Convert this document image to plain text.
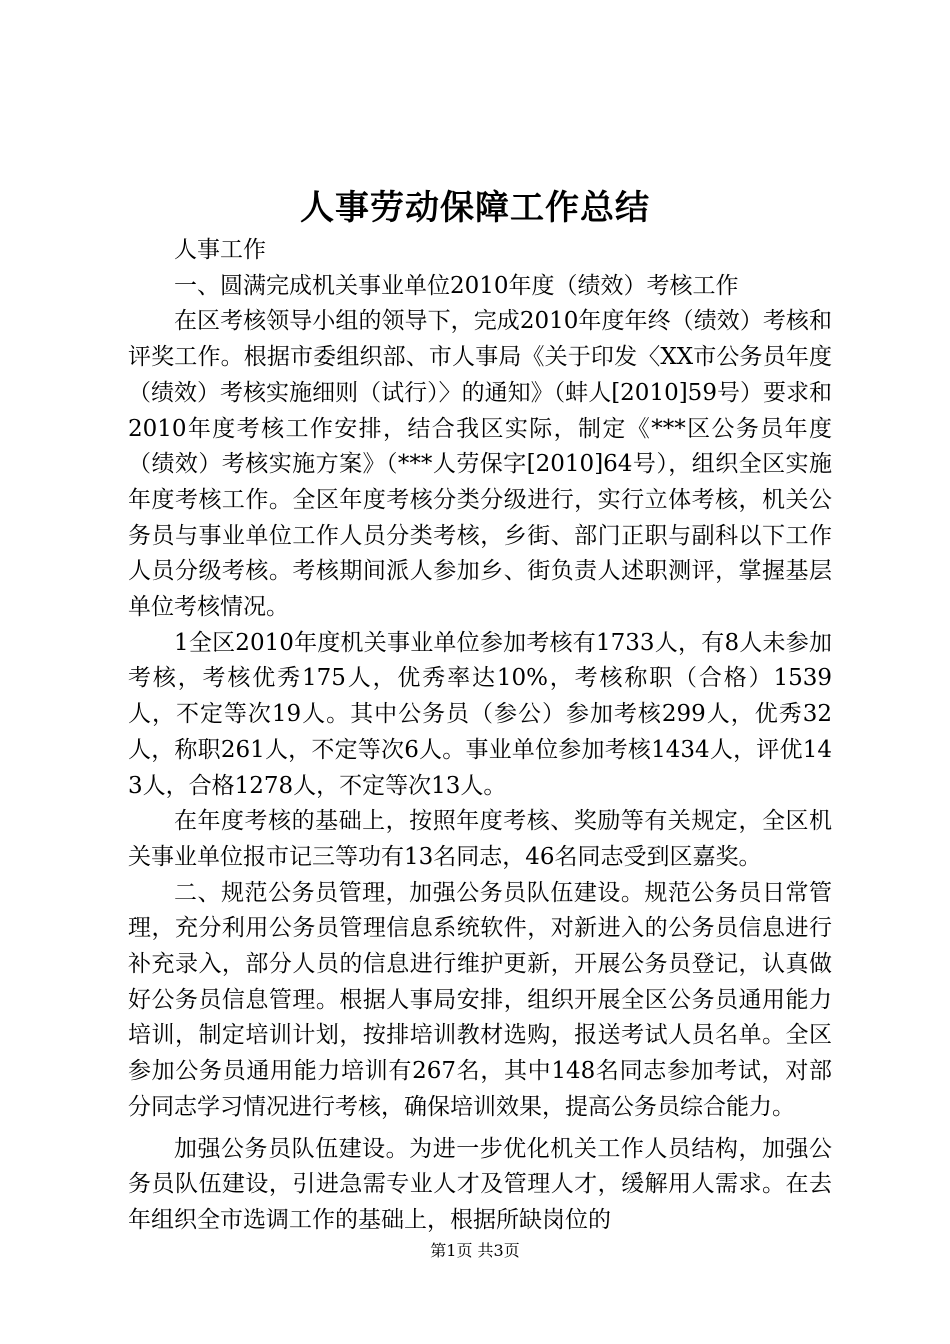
人事劳动保障工作总结

人事工作

一、圆满完成机关事业单位2010年度（绩效）考核工作

在区考核领导小组的领导下，完成2010年度年终（绩效）考核和评奖工作。根据市委组织部、市人事局《关于印发〈XX市公务员年度（绩效）考核实施细则（试行）〉的通知》（蚌人[2010]59号）要求和2010年度考核工作安排，结合我区实际，制定《***区公务员年度（绩效）考核实施方案》（***人劳保字[2010]64号），组织全区实施年度考核工作。全区年度考核分类分级进行，实行立体考核，机关公务员与事业单位工作人员分类考核，乡街、部门正职与副科以下工作人员分级考核。考核期间派人参加乡、街负责人述职测评，掌握基层单位考核情况。

1全区2010年度机关事业单位参加考核有1733人，有8人未参加考核，考核优秀175人，优秀率达10%，考核称职（合格）1539人，不定等次19人。其中公务员（参公）参加考核299人，优秀32人，称职261人，不定等次6人。事业单位参加考核1434人，评优143人，合格1278人，不定等次13人。

在年度考核的基础上，按照年度考核、奖励等有关规定，全区机关事业单位报市记三等功有13名同志，46名同志受到区嘉奖。

二、规范公务员管理，加强公务员队伍建设。规范公务员日常管理，充分利用公务员管理信息系统软件，对新进入的公务员信息进行补充录入，部分人员的信息进行维护更新，开展公务员登记，认真做好公务员信息管理。根据人事局安排，组织开展全区公务员通用能力培训，制定培训计划，按排培训教材选购，报送考试人员名单。全区参加公务员通用能力培训有267名，其中148名同志参加考试，对部分同志学习情况进行考核，确保培训效果，提高公务员综合能力。

加强公务员队伍建设。为进一步优化机关工作人员结构，加强公务员队伍建设，引进急需专业人才及管理人才，缓解用人需求。在去年组织全市选调工作的基础上，根据所缺岗位的

第1页 共3页
